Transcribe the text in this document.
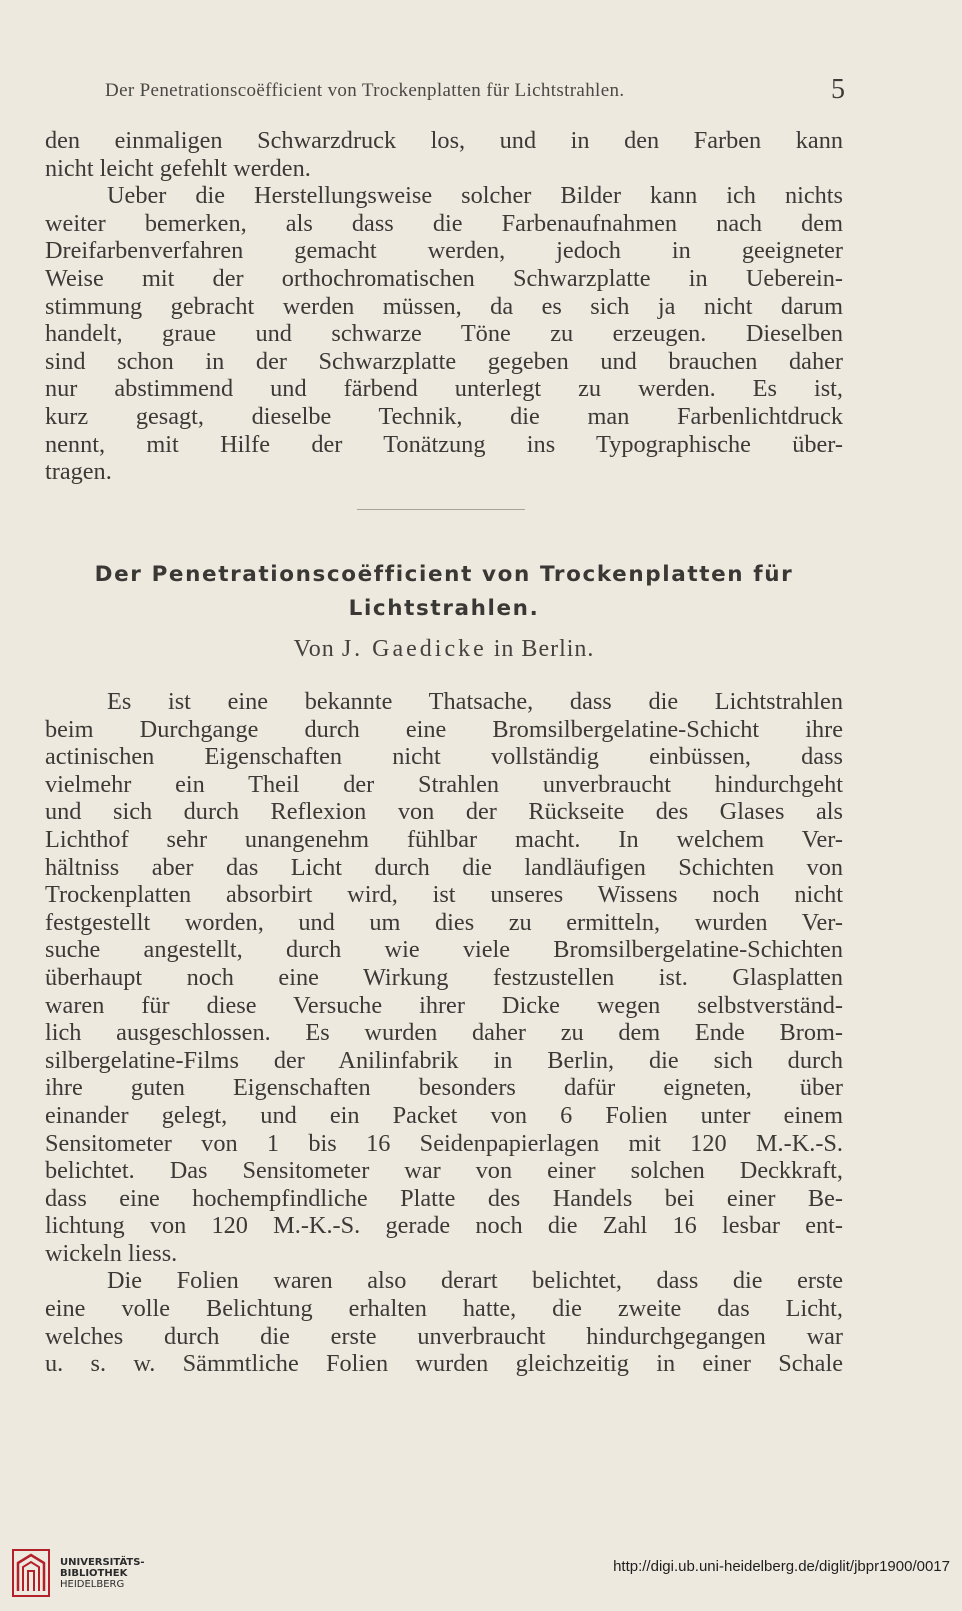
Der Penetrationscoëfficient von Trockenplatten für Lichtstrahlen.	5
den einmaligen Schwarzdruck los, und in den Farben kann
nicht leicht gefehlt werden.
Ueber die Herstellungsweise solcher Bilder kann ich nichts
weiter bemerken, als dass die Farbenaufnahmen nach dem
Dreifarbenverfahren gemacht werden, jedoch in geeigneter
Weise mit der orthochromatischen Schwarzplatte in Ueberein-
stimmung gebracht werden müssen, da es sich ja nicht darum
handelt, graue und schwarze Töne zu erzeugen. Dieselben
sind schon in der Schwarzplatte gegeben und brauchen daher
nur abstimmend und färbend unterlegt zu werden. Es ist,
kurz gesagt, dieselbe Technik, die man Farbenlichtdruck
nennt, mit Hilfe der Tonätzung ins Typographische über-
tragen.
Der Penetrationscoëfficient von Trockenplatten für
Lichtstrahlen.
Von J. Gaedicke in Berlin.
Es ist eine bekannte Thatsache, dass die Lichtstrahlen
beim Durchgange durch eine Bromsilbergelatine-Schicht ihre
actinischen Eigenschaften nicht vollständig einbüssen, dass
vielmehr ein Theil der Strahlen unverbraucht hindurchgeht
und sich durch Reflexion von der Rückseite des Glases als
Lichthof sehr unangenehm fühlbar macht. In welchem Ver-
hältniss aber das Licht durch die landläufigen Schichten von
Trockenplatten absorbirt wird, ist unseres Wissens noch nicht
festgestellt worden, und um dies zu ermitteln, wurden Ver-
suche angestellt, durch wie viele Bromsilbergelatine-Schichten
überhaupt noch eine Wirkung festzustellen ist. Glasplatten
waren für diese Versuche ihrer Dicke wegen selbstverständ-
lich ausgeschlossen. Es wurden daher zu dem Ende Brom-
silbergelatine-Films der Anilinfabrik in Berlin, die sich durch
ihre guten Eigenschaften besonders dafür eigneten, über
einander gelegt, und ein Packet von 6 Folien unter einem
Sensitometer von 1 bis 16 Seidenpapierlagen mit 120 M.-K.-S.
belichtet. Das Sensitometer war von einer solchen Deckkraft,
dass eine hochempfindliche Platte des Handels bei einer Be-
lichtung von 120 M.-K.-S. gerade noch die Zahl 16 lesbar ent-
wickeln liess.
Die Folien waren also derart belichtet, dass die erste
eine volle Belichtung erhalten hatte, die zweite das Licht,
welches durch die erste unverbraucht hindurchgegangen war
u. s. w. Sämmtliche Folien wurden gleichzeitig in einer Schale
UNIVERSITÄTS-
BIBLIOTHEK
HEIDELBERG
http://digi.ub.uni-heidelberg.de/diglit/jbpr1900/0017
